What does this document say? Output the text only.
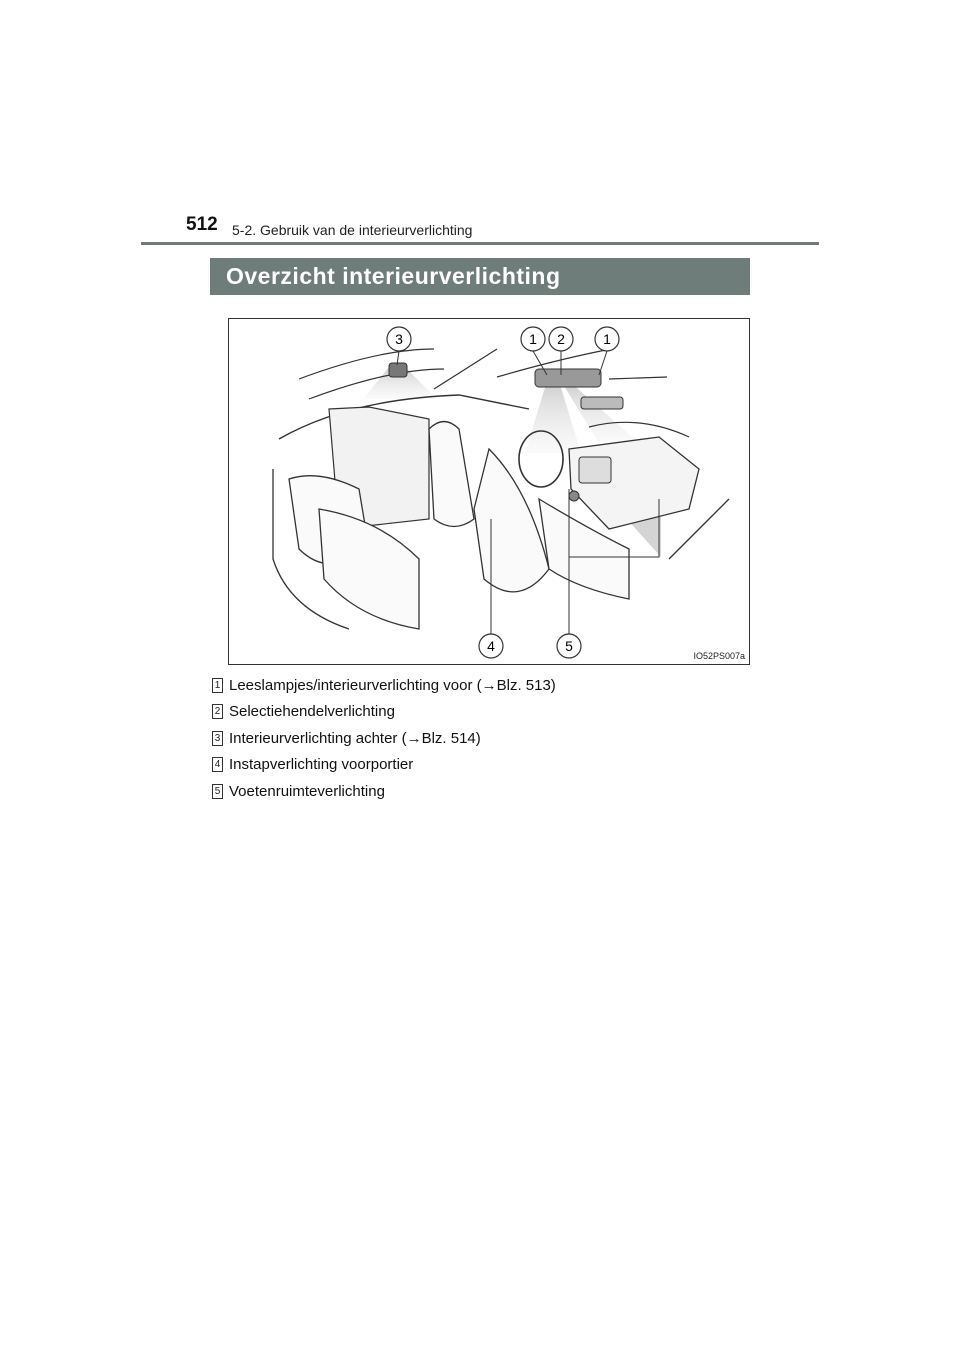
512 5-2. Gebruik van de interieurverlichting
Overzicht interieurverlichting
3	1 2	1
4	5
IO52PS007a
1 Leeslampjes/interieurverlichting voor (→Blz. 513)
2 Selectiehendelverlichting
3 Interieurverlichting achter (→Blz. 514)
4 Instapverlichting voorportier
5 Voetenruimteverlichting
